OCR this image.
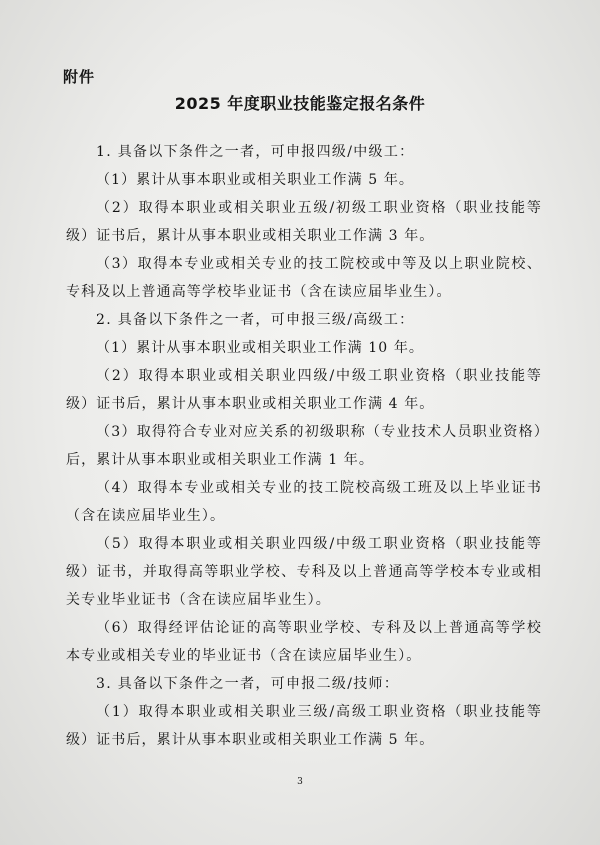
附件
2025 年度职业技能鉴定报名条件

1. 具备以下条件之一者，可申报四级/中级工：

（1）累计从事本职业或相关职业工作满 5 年。

（2）取得本职业或相关职业五级/初级工职业资格（职业技能等级）证书后，累计从事本职业或相关职业工作满 3 年。

（3）取得本专业或相关专业的技工院校或中等及以上职业院校、专科及以上普通高等学校毕业证书（含在读应届毕业生）。

2. 具备以下条件之一者，可申报三级/高级工：

（1）累计从事本职业或相关职业工作满 10 年。

（2）取得本职业或相关职业四级/中级工职业资格（职业技能等级）证书后，累计从事本职业或相关职业工作满 4 年。

（3）取得符合专业对应关系的初级职称（专业技术人员职业资格）后，累计从事本职业或相关职业工作满 1 年。

（4）取得本专业或相关专业的技工院校高级工班及以上毕业证书（含在读应届毕业生）。

（5）取得本职业或相关职业四级/中级工职业资格（职业技能等级）证书，并取得高等职业学校、专科及以上普通高等学校本专业或相关专业毕业证书（含在读应届毕业生）。

（6）取得经评估论证的高等职业学校、专科及以上普通高等学校本专业或相关专业的毕业证书（含在读应届毕业生）。

3. 具备以下条件之一者，可申报二级/技师：

（1）取得本职业或相关职业三级/高级工职业资格（职业技能等级）证书后，累计从事本职业或相关职业工作满 5 年。

3
